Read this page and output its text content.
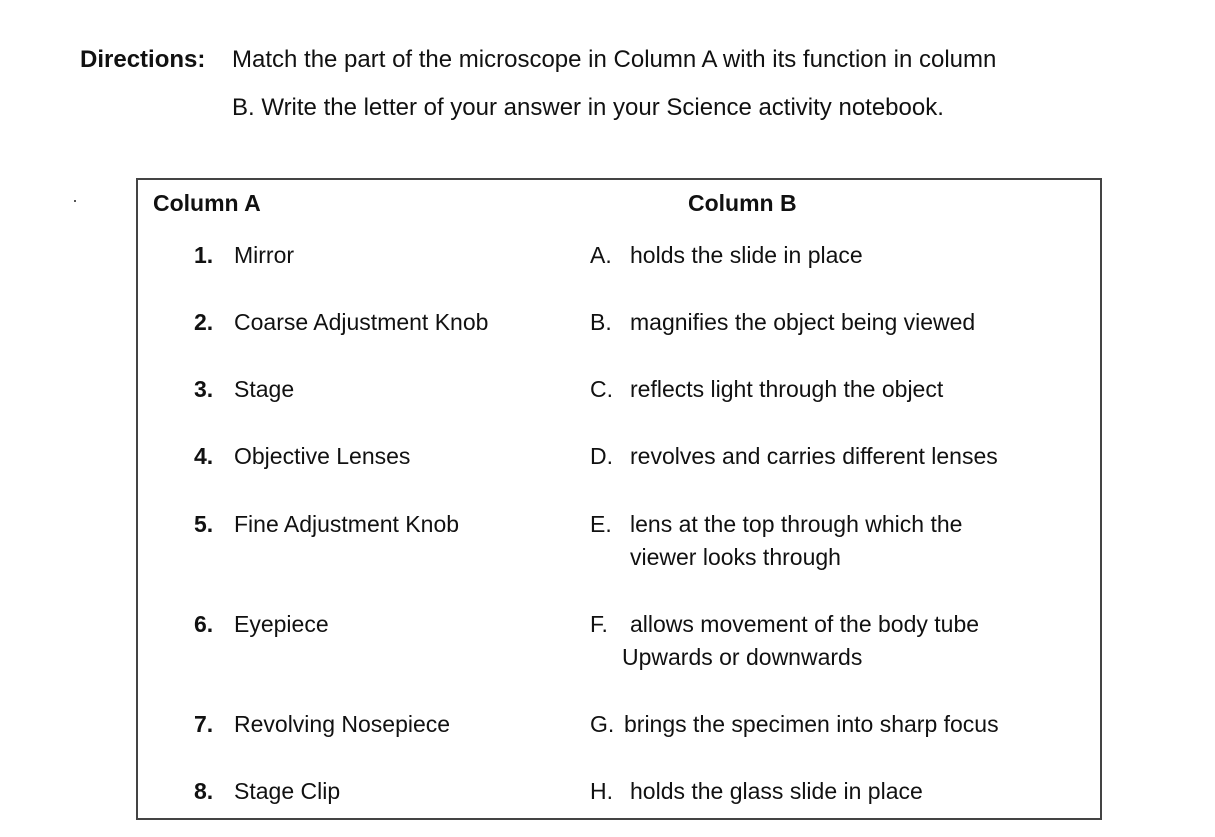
Directions: Match the part of the microscope in Column A with its function in column
B. Write the letter of your answer in your Science activity notebook.
Column A	Column B
1. Mirror
2. Coarse Adjustment Knob
3. Stage
4. Objective Lenses
5. Fine Adjustment Knob
6. Eyepiece
7. Revolving Nosepiece
8. Stage Clip
A. holds the slide in place
B. magnifies the object being viewed
C. reflects light through the object
D. revolves and carries different lenses
E. lens at the top through which the
viewer looks through
F. allows movement of the body tube
Upwards or downwards
G. brings the specimen into sharp focus
H. holds the glass slide in place
